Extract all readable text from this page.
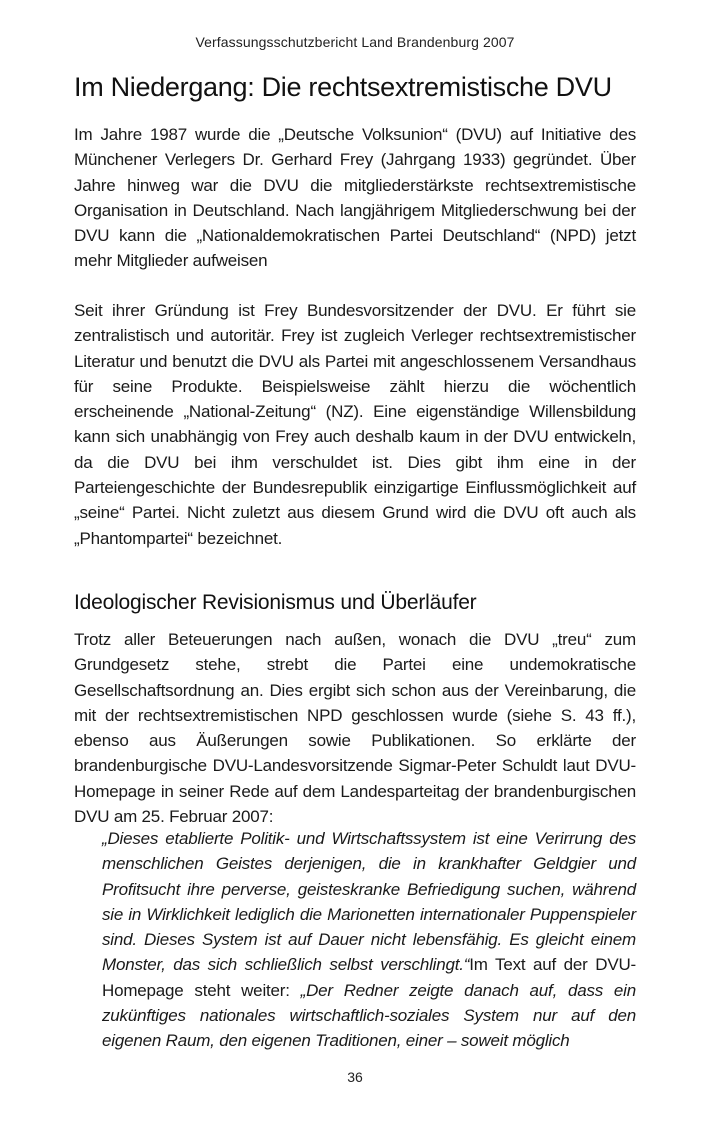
Verfassungsschutzbericht Land Brandenburg 2007
Im Niedergang: Die rechtsextremistische DVU

Im Jahre 1987 wurde die „Deutsche Volksunion“ (DVU) auf Initiative des Münchener Verlegers Dr. Gerhard Frey (Jahrgang 1933) gegründet. Über Jahre hinweg war die DVU die mitgliederstärkste rechtsextremistische Organisation in Deutschland. Nach langjährigem Mitgliederschwung bei der DVU kann die „Nationaldemokratischen Partei Deutschland“ (NPD) jetzt mehr Mitglieder aufweisen

Seit ihrer Gründung ist Frey Bundesvorsitzender der DVU. Er führt sie zentralistisch und autoritär. Frey ist zugleich Verleger rechtsextremistischer Literatur und benutzt die DVU als Partei mit angeschlossenem Versandhaus für seine Produkte. Beispielsweise zählt hierzu die wöchentlich erscheinende „National-Zeitung“ (NZ). Eine eigenständige Willensbildung kann sich unabhängig von Frey auch deshalb kaum in der DVU entwickeln, da die DVU bei ihm verschuldet ist. Dies gibt ihm eine in der Parteiengeschichte der Bundesrepublik einzigartige Einflussmöglichkeit auf „seine“ Partei. Nicht zuletzt aus diesem Grund wird die DVU oft auch als „Phantompartei“ bezeichnet.

Ideologischer Revisionismus und Überläufer

Trotz aller Beteuerungen nach außen, wonach die DVU „treu“ zum Grundgesetz stehe, strebt die Partei eine undemokratische Gesellschaftsordnung an. Dies ergibt sich schon aus der Vereinbarung, die mit der rechtsextremistischen NPD geschlossen wurde (siehe S. 43 ff.), ebenso aus Äußerungen sowie Publikationen. So erklärte der brandenburgische DVU-Landesvorsitzende Sigmar-Peter Schuldt laut DVU-Homepage in seiner Rede auf dem Landesparteitag der brandenburgischen DVU am 25. Februar 2007:

„Dieses etablierte Politik- und Wirtschaftssystem ist eine Verirrung des menschlichen Geistes derjenigen, die in krankhafter Geldgier und Profitsucht ihre perverse, geisteskranke Befriedigung suchen, während sie in Wirklichkeit lediglich die Marionetten internationaler Puppenspieler sind. Dieses System ist auf Dauer nicht lebensfähig. Es gleicht einem Monster, das sich schließlich selbst verschlingt.“Im Text auf der DVU-Homepage steht weiter: „Der Redner zeigte danach auf, dass ein zukünftiges nationales wirtschaftlich-soziales System nur auf den eigenen Raum, den eigenen Traditionen, einer – soweit möglich

36
